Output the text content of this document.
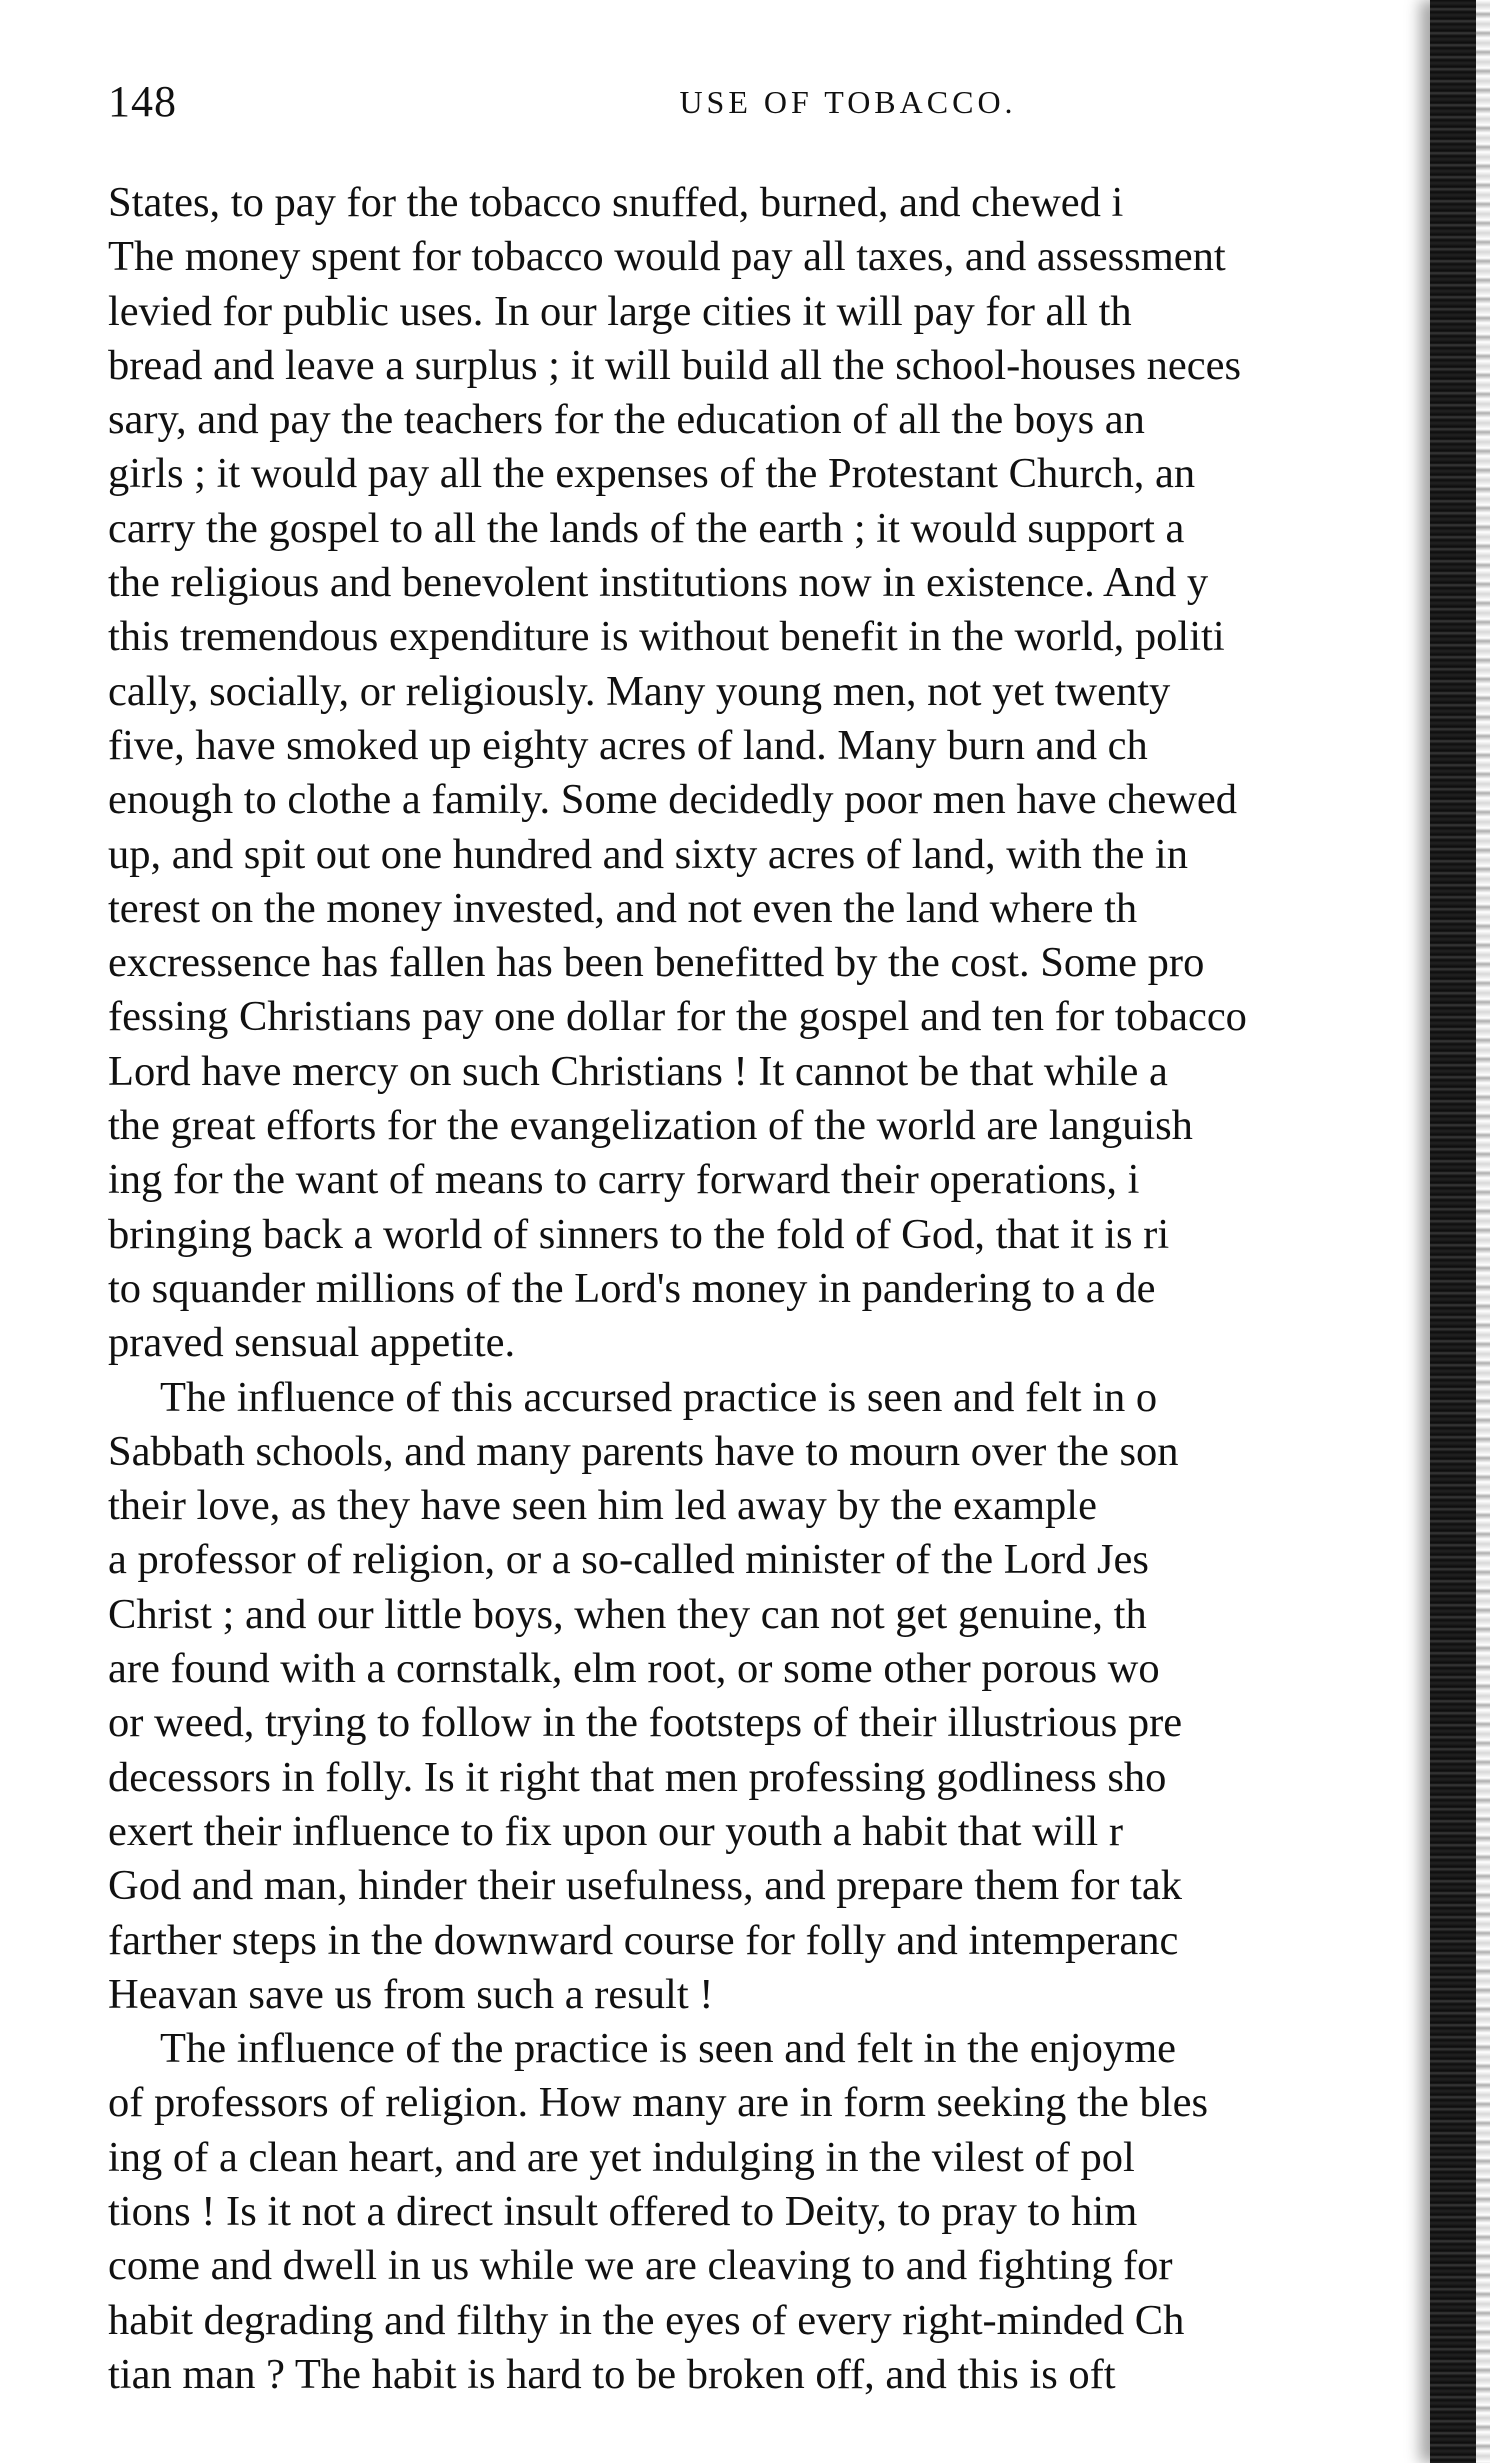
148	USE OF TOBACCO.
States, to pay for the tobacco snuffed, burned, and chewed i
The money spent for tobacco would pay all taxes, and assessment
levied for public uses. In our large cities it will pay for all th
bread and leave a surplus ; it will build all the school-houses neces
sary, and pay the teachers for the education of all the boys an
girls ; it would pay all the expenses of the Protestant Church, an
carry the gospel to all the lands of the earth ; it would support a
the religious and benevolent institutions now in existence. And y
this tremendous expenditure is without benefit in the world, politi
cally, socially, or religiously. Many young men, not yet twenty
five, have smoked up eighty acres of land. Many burn and ch
enough to clothe a family. Some decidedly poor men have chewed
up, and spit out one hundred and sixty acres of land, with the in
terest on the money invested, and not even the land where th
excressence has fallen has been benefitted by the cost. Some pro
fessing Christians pay one dollar for the gospel and ten for tobacco
Lord have mercy on such Christians ! It cannot be that while a
the great efforts for the evangelization of the world are languish
ing for the want of means to carry forward their operations, i
bringing back a world of sinners to the fold of God, that it is ri
to squander millions of the Lord's money in pandering to a de
praved sensual appetite.
The influence of this accursed practice is seen and felt in o
Sabbath schools, and many parents have to mourn over the son
their love, as they have seen him led away by the example
a professor of religion, or a so-called minister of the Lord Jes
Christ ; and our little boys, when they can not get genuine, th
are found with a cornstalk, elm root, or some other porous wo
or weed, trying to follow in the footsteps of their illustrious pre
decessors in folly. Is it right that men professing godliness sho
exert their influence to fix upon our youth a habit that will r
God and man, hinder their usefulness, and prepare them for tak
farther steps in the downward course for folly and intemperanc
Heavan save us from such a result !
The influence of the practice is seen and felt in the enjoyme
of professors of religion. How many are in form seeking the bles
ing of a clean heart, and are yet indulging in the vilest of pol
tions ! Is it not a direct insult offered to Deity, to pray to him
come and dwell in us while we are cleaving to and fighting for
habit degrading and filthy in the eyes of every right-minded Ch
tian man ? The habit is hard to be broken off, and this is oft
